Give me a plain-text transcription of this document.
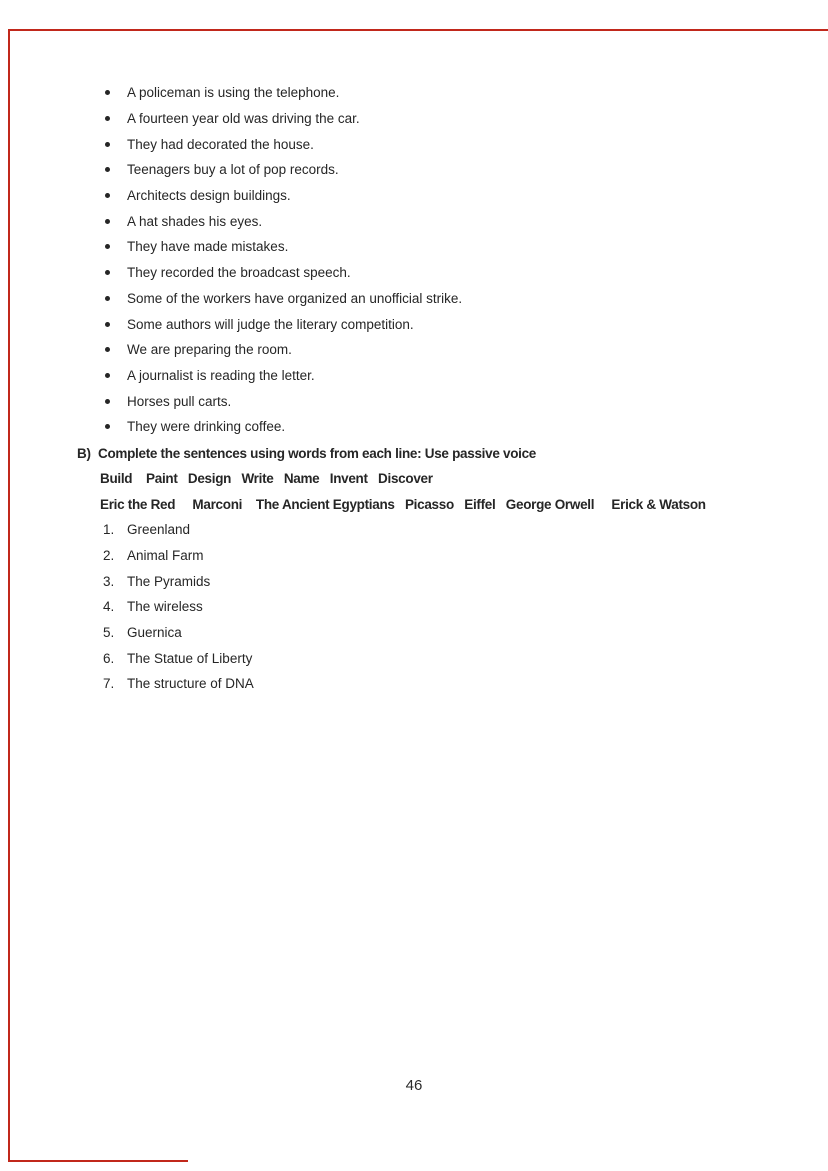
A policeman is using the telephone.
A fourteen year old was driving the car.
They had decorated the house.
Teenagers buy a lot of pop records.
Architects design buildings.
A hat shades his eyes.
They have made mistakes.
They recorded the broadcast speech.
Some of the workers have organized an unofficial strike.
Some authors will judge the literary competition.
We are preparing the room.
A journalist is reading the letter.
Horses pull carts.
They were drinking coffee.
B) Complete the sentences using words from each line: Use passive voice
Build    Paint   Design   Write   Name   Invent   Discover
Eric the Red     Marconi    The Ancient Egyptians   Picasso   Eiffel   George Orwell     Erick & Watson
1. Greenland
2. Animal Farm
3. The Pyramids
4. The wireless
5. Guernica
6. The Statue of Liberty
7. The structure of DNA
46
